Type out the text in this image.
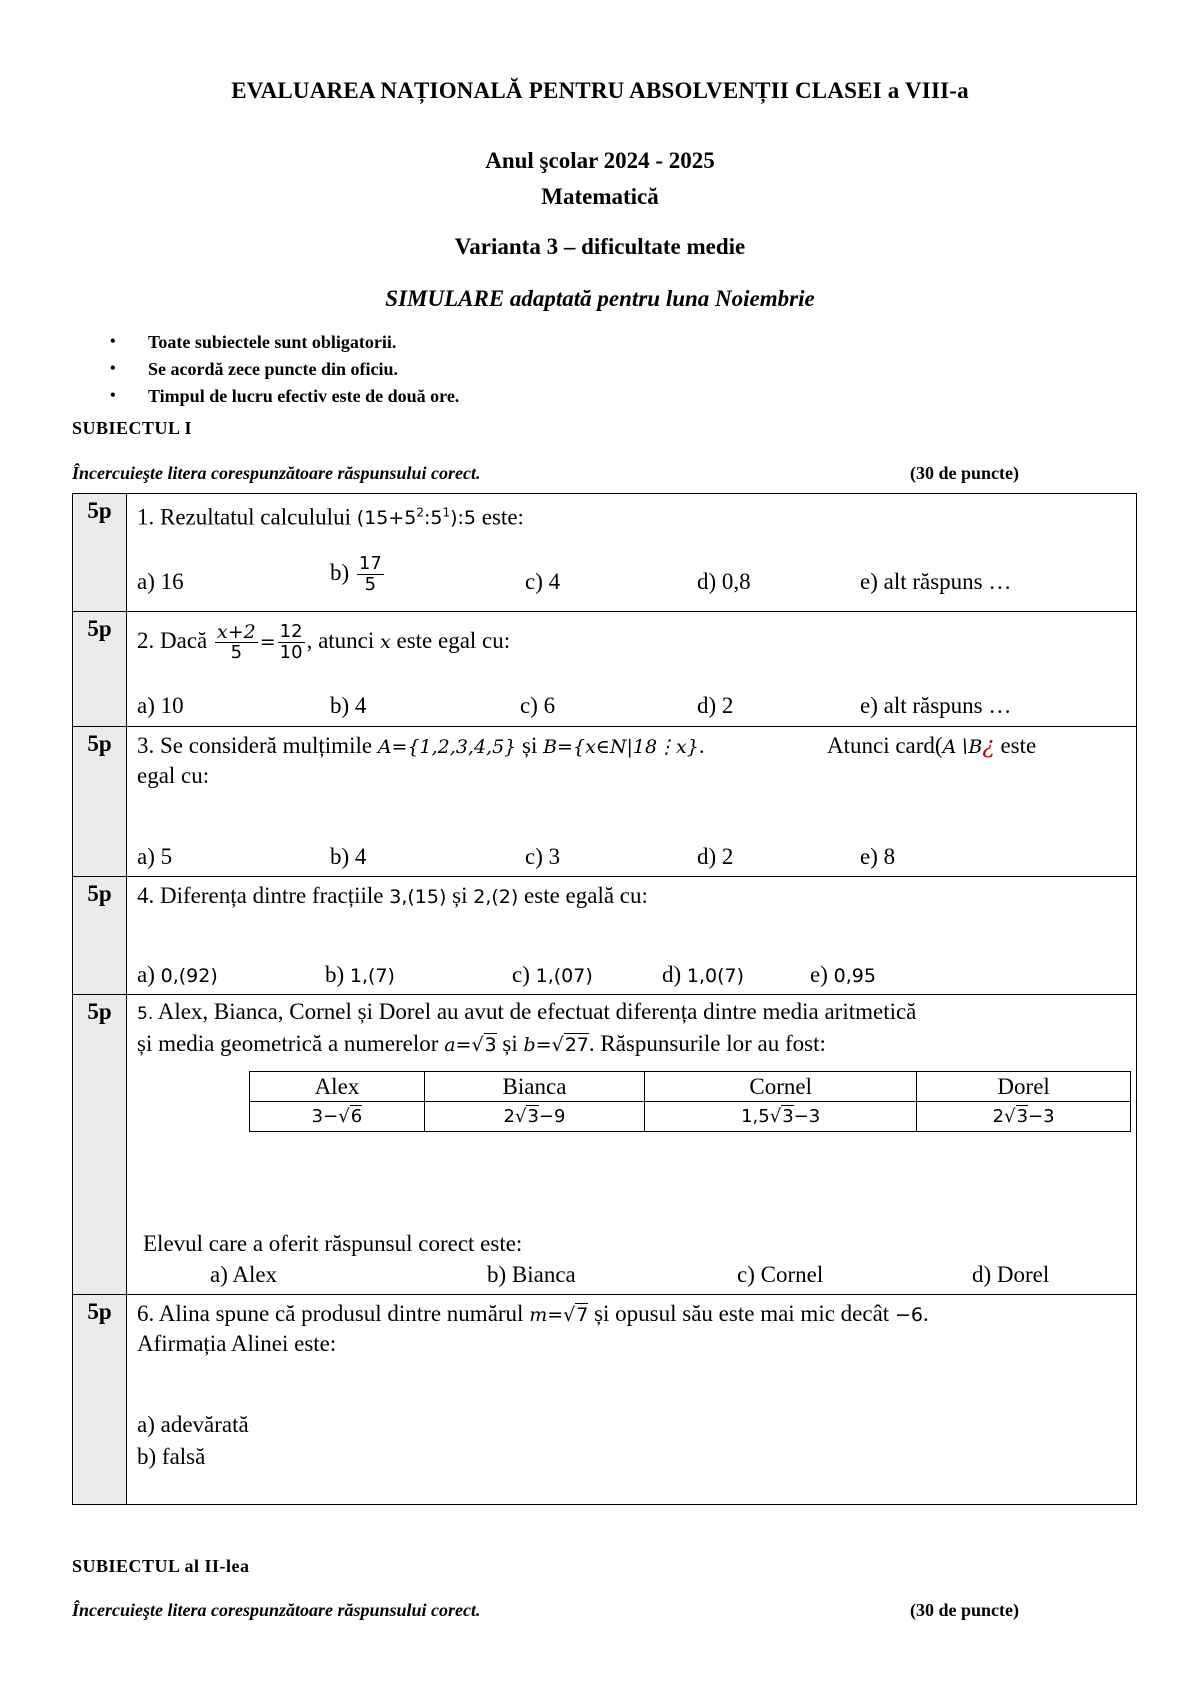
EVALUAREA NAȚIONALĂ PENTRU ABSOLVENȚII CLASEI a VIII-a
Anul şcolar 2024 - 2025
Matematică
Varianta 3 – dificultate medie
SIMULARE adaptată pentru luna Noiembrie
• Toate subiectele sunt obligatorii.
• Se acordă zece puncte din oficiu.
• Timpul de lucru efectiv este de două ore.
SUBIECTUL I
Încercuieşte litera corespunzătoare răspunsului corect.	(30 de puncte)
5p	1. Rezultatul calculului $(15+5^2:5^1):5$ este:
a) 16	$b) \frac{17}{5}$	c) 4	d) 0,8	e) alt răspuns …

5p	2. Dacă $\frac{x+2}{5} = \frac{12}{10}$ , atunci x este egal cu:
a) 10	b) 4	c) 6	d) 2	e) alt răspuns …

5p	3. Se consideră mulțimile A={1,2,3,4,5} și B={x∈N|18⋮x}.	Atunci card(A∖B¿ este
egal cu:
a) 5	b) 4	c) 3	d) 2	e) 8

5p	4. Diferența dintre fracțiile 3,(15) și 2,(2) este egală cu:
a) 0,(92)	b) 1,(7)	c) 1,(07)	d) 1,0(7)	e) 0,95

5p	5. Alex, Bianca, Cornel și Dorel au avut de efectuat diferența dintre media aritmetică
și media geometrică a numerelor a=√3 și b=√27. Răspunsurile lor au fost:
Alex	Bianca	Cornel	Dorel
3−√6	2√3−9	1,5√3−3	2√3−3
Elevul care a oferit răspunsul corect este:
a) Alex	b) Bianca	c) Cornel	d) Dorel

5p	6. Alina spune că produsul dintre numărul m=√7 și opusul său este mai mic decât −6.
Afirmația Alinei este:
a) adevărată
b) falsă
SUBIECTUL al II-lea
Încercuieşte litera corespunzătoare răspunsului corect.	(30 de puncte)
